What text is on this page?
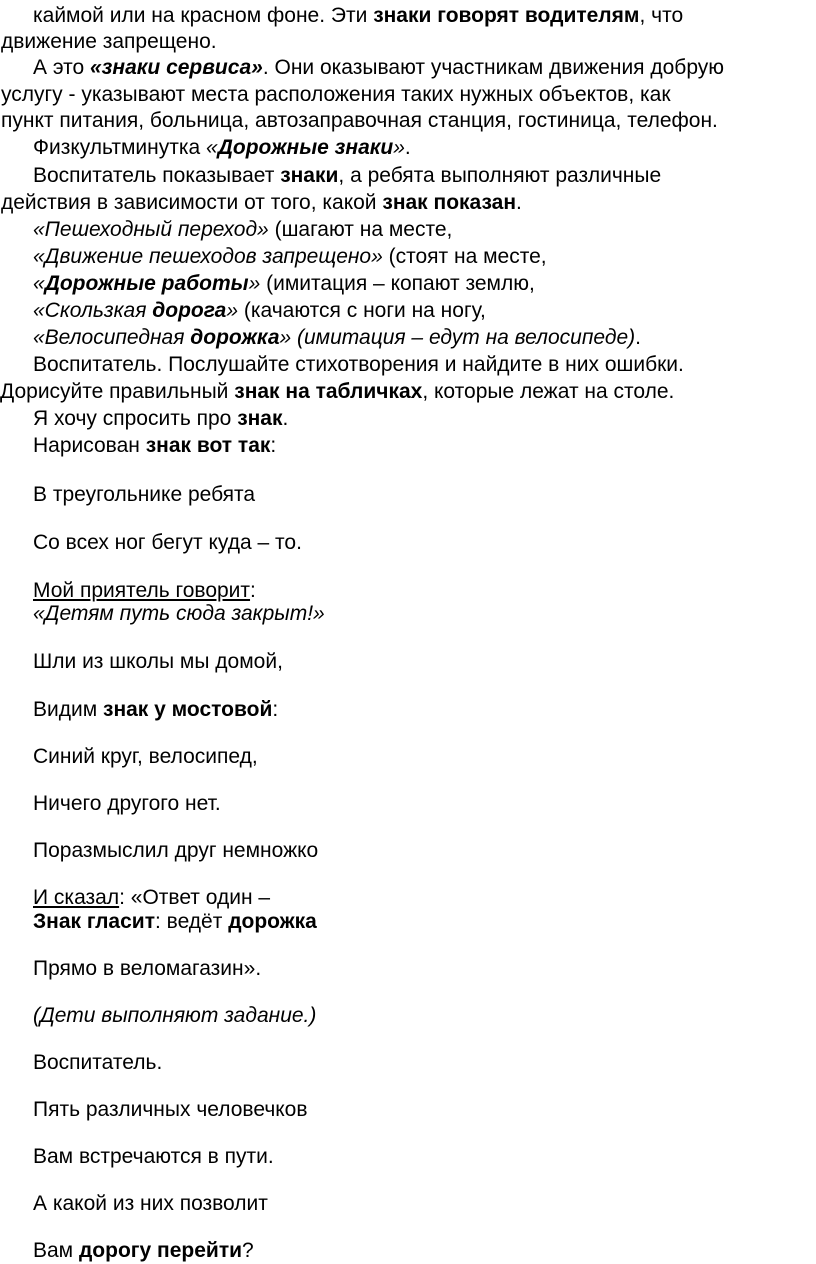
каймой или на красном фоне. Эти знаки говорят водителям, что
движение запрещено.
А это «знаки сервиса». Они оказывают участникам движения добрую
услугу - указывают места расположения таких нужных объектов, как
пункт питания, больница, автозаправочная станция, гостиница, телефон.
Физкультминутка «Дорожные знаки».
Воспитатель показывает знаки, а ребята выполняют различные
действия в зависимости от того, какой знак показан.
«Пешеходный переход» (шагают на месте,
«Движение пешеходов запрещено» (стоят на месте,
«Дорожные работы» (имитация – копают землю,
«Скользкая дорога» (качаются с ноги на ногу,
«Велосипедная дорожка» (имитация – едут на велосипеде).
Воспитатель. Послушайте стихотворения и найдите в них ошибки.
Дорисуйте правильный знак на табличках, которые лежат на столе.
Я хочу спросить про знак.
Нарисован знак вот так:
В треугольнике ребята
Со всех ног бегут куда – то.
Мой приятель говорит:
«Детям путь сюда закрыт!»
Шли из школы мы домой,
Видим знак у мостовой:
Синий круг, велосипед,
Ничего другого нет.
Поразмыслил друг немножко
И сказал: «Ответ один –
Знак гласит: ведёт дорожка
Прямо в веломагазин».
(Дети выполняют задание.)
Воспитатель.
Пять различных человечков
Вам встречаются в пути.
А какой из них позволит
Вам дорогу перейти?
